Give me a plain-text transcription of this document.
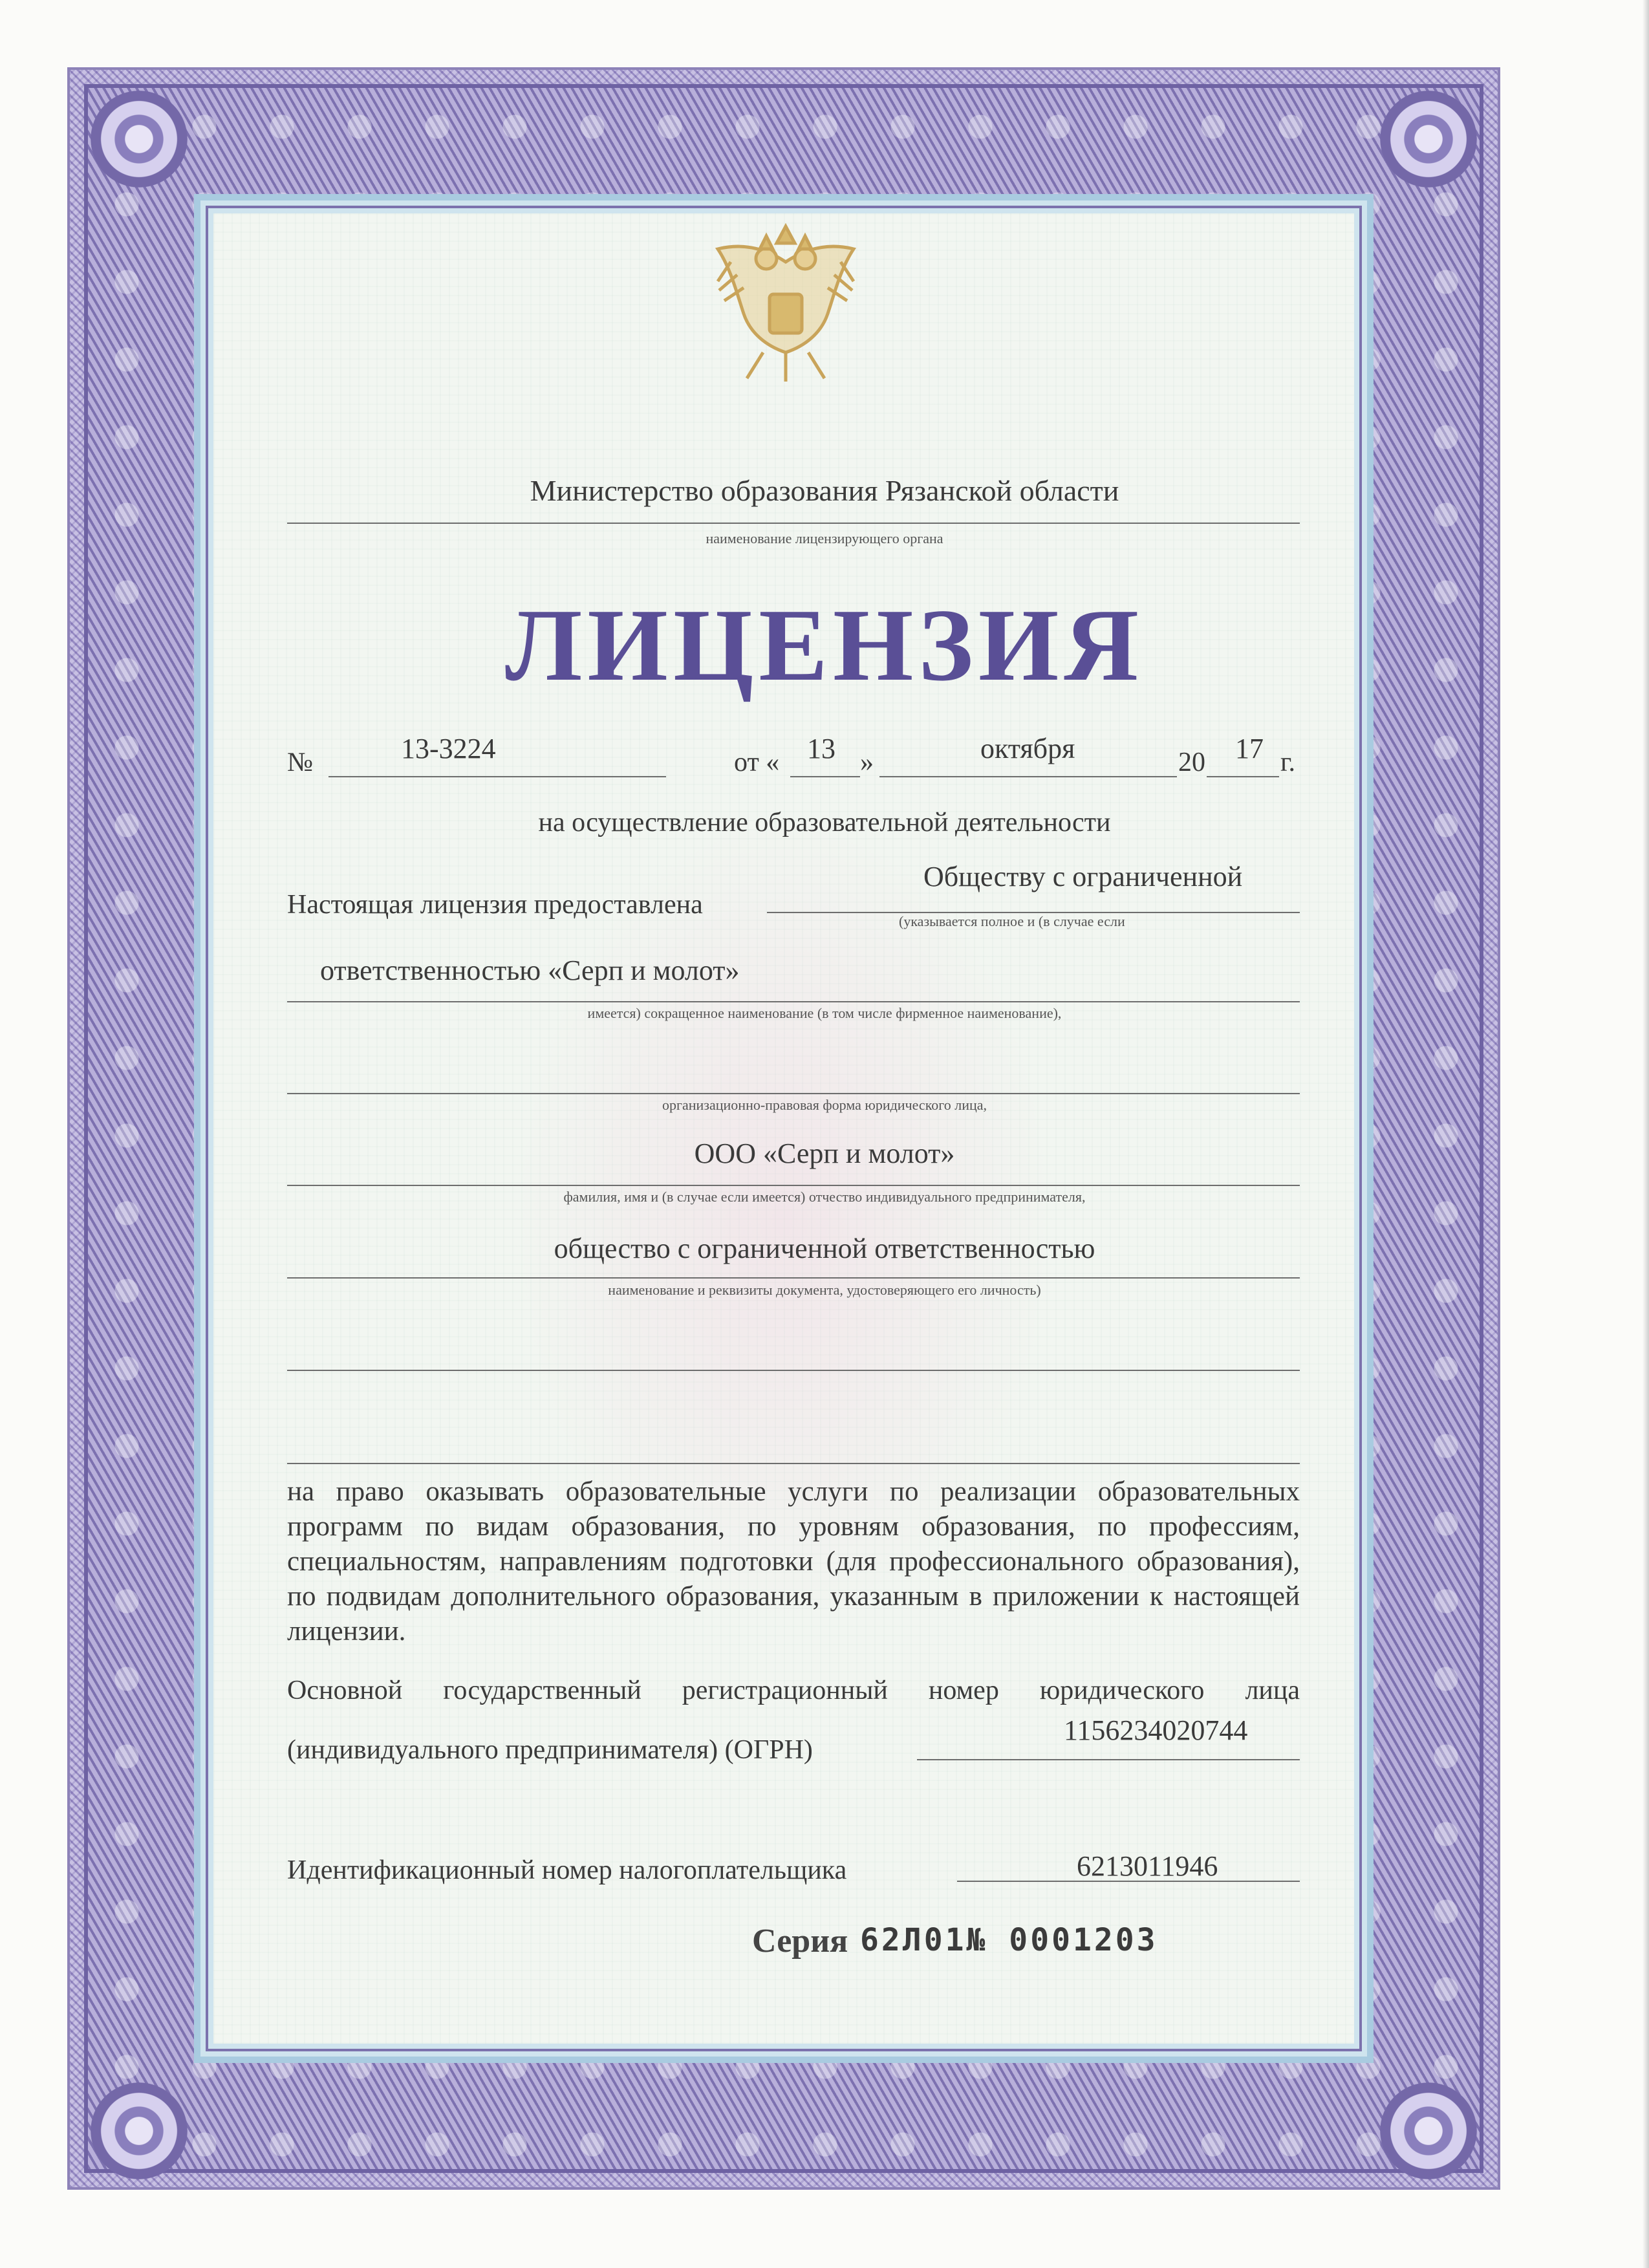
Министерство образования Рязанской области
наименование лицензирующего органа
ЛИЦЕНЗИЯ
№	13-3224	от « 13 »	октября	20 17 г.
на осуществление образовательной деятельности
Настоящая лицензия предоставлена
Обществу с ограниченной
(указывается полное и (в случае если
ответственностью «Серп и молот»
имеется) сокращенное наименование (в том числе фирменное наименование),
организационно-правовая форма юридического лица,
ООО «Серп и молот»
фамилия, имя и (в случае если имеется) отчество индивидуального предпринимателя,
общество с ограниченной ответственностью
наименование и реквизиты документа, удостоверяющего его личность)
на право оказывать образовательные услуги по реализации образовательных программ по видам образования, по уровням образования, по профессиям, специальностям, направлениям подготовки (для профессионального образования), по подвидам дополнительного образования, указанным в приложении к настоящей лицензии.
Основной государственный регистрационный номер юридического лица
(индивидуального предпринимателя) (ОГРН)
1156234020744
Идентификационный номер налогоплательщика	6213011946
Серия 62Л01№ 0001203
